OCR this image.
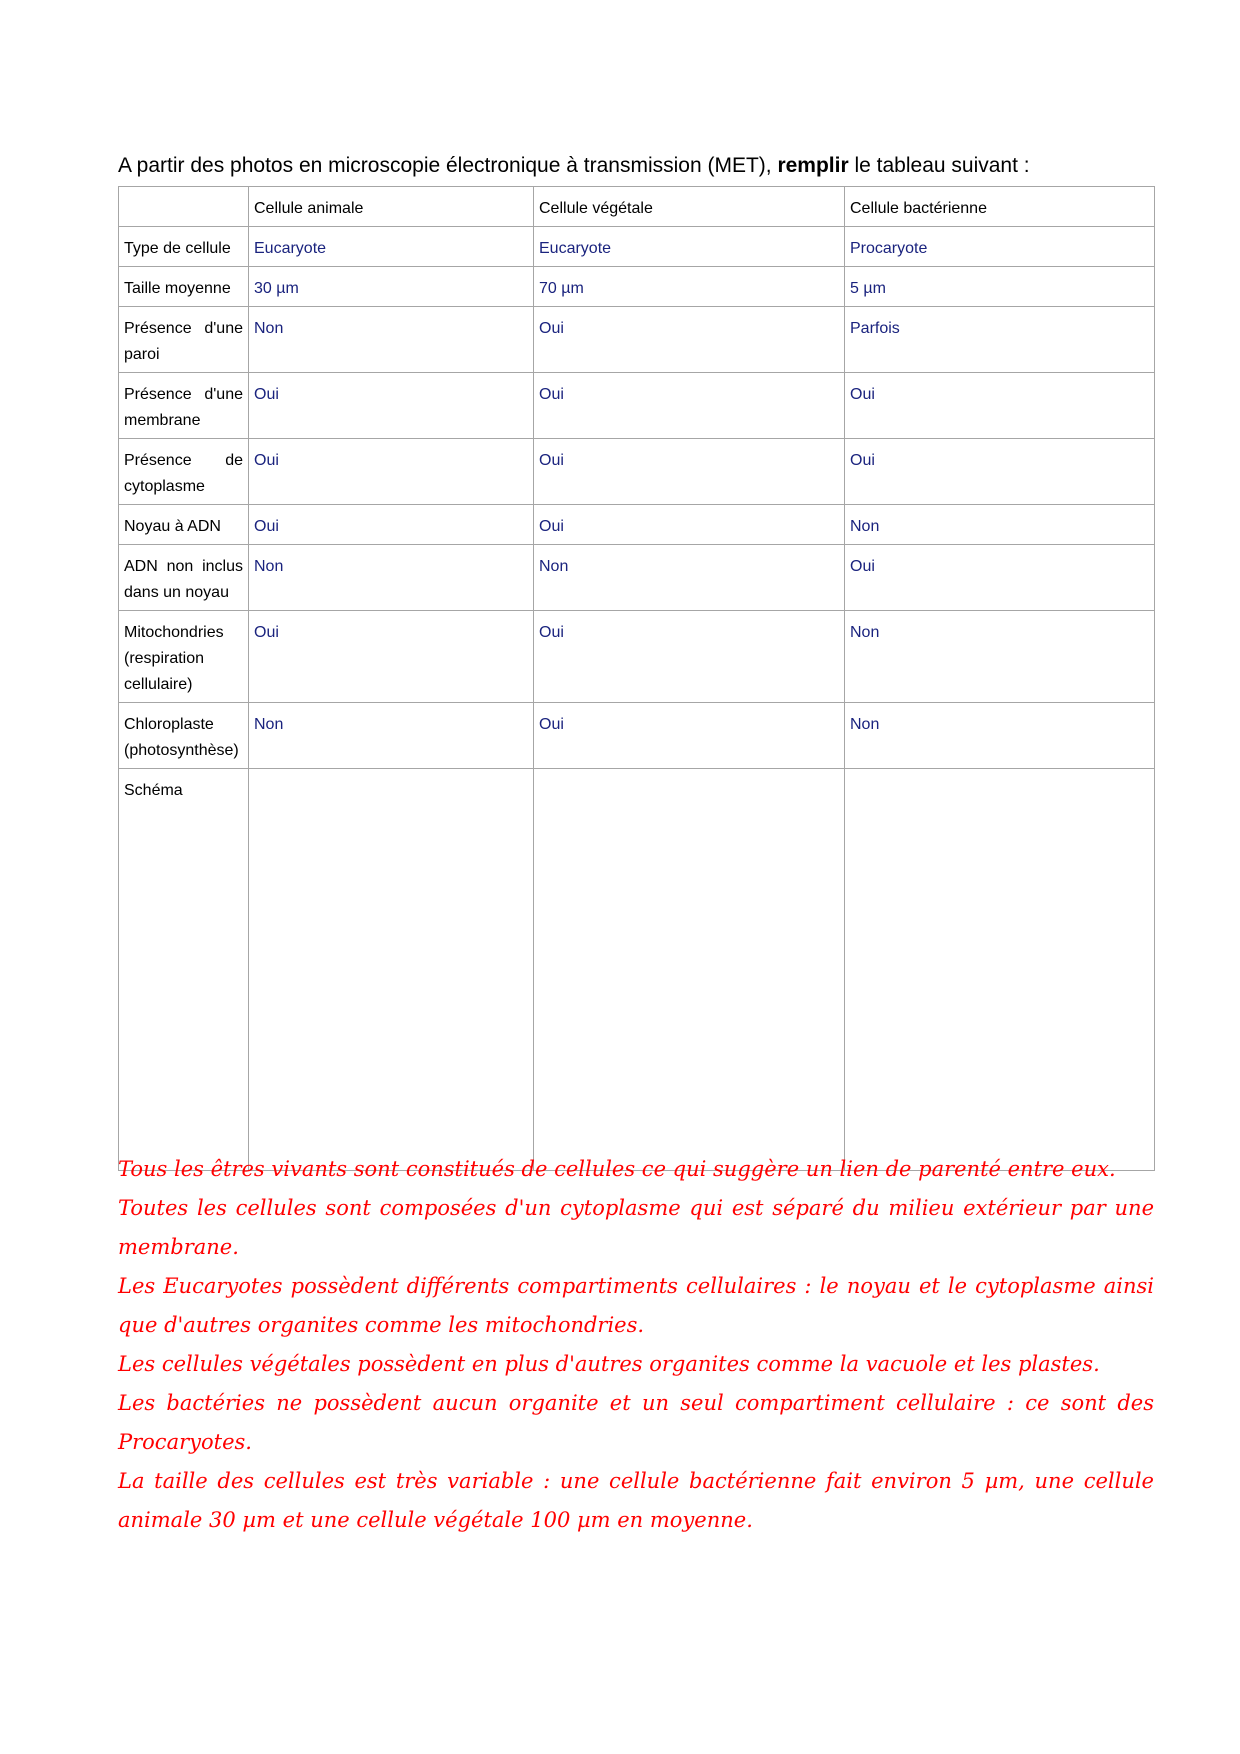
A partir des photos en microscopie électronique à transmission (MET), remplir le tableau suivant :
	Cellule animale	Cellule végétale	Cellule bactérienne
Type de cellule	Eucaryote	Eucaryote	Procaryote
Taille moyenne	30 µm	70 µm	5 µm
Présence d'une paroi	Non	Oui	Parfois
Présence d'une membrane	Oui	Oui	Oui
Présence de cytoplasme	Oui	Oui	Oui
Noyau à ADN	Oui	Oui	Non
ADN non inclus dans un noyau	Non	Non	Oui
Mitochondries (respiration cellulaire)	Oui	Oui	Non
Chloroplaste (photosynthèse)	Non	Oui	Non
Schéma			

Tous les êtres vivants sont constitués de cellules ce qui suggère un lien de parenté entre eux.

Toutes les cellules sont composées d'un cytoplasme qui est séparé du milieu extérieur par une membrane.

Les Eucaryotes possèdent différents compartiments cellulaires : le noyau et le cytoplasme ainsi que d'autres organites comme les mitochondries.

Les cellules végétales possèdent en plus d'autres organites comme la vacuole et les plastes.

Les bactéries ne possèdent aucun organite et un seul compartiment cellulaire : ce sont des Procaryotes.

La taille des cellules est très variable : une cellule bactérienne fait environ 5 µm, une cellule animale 30 µm et une cellule végétale 100 µm en moyenne.
